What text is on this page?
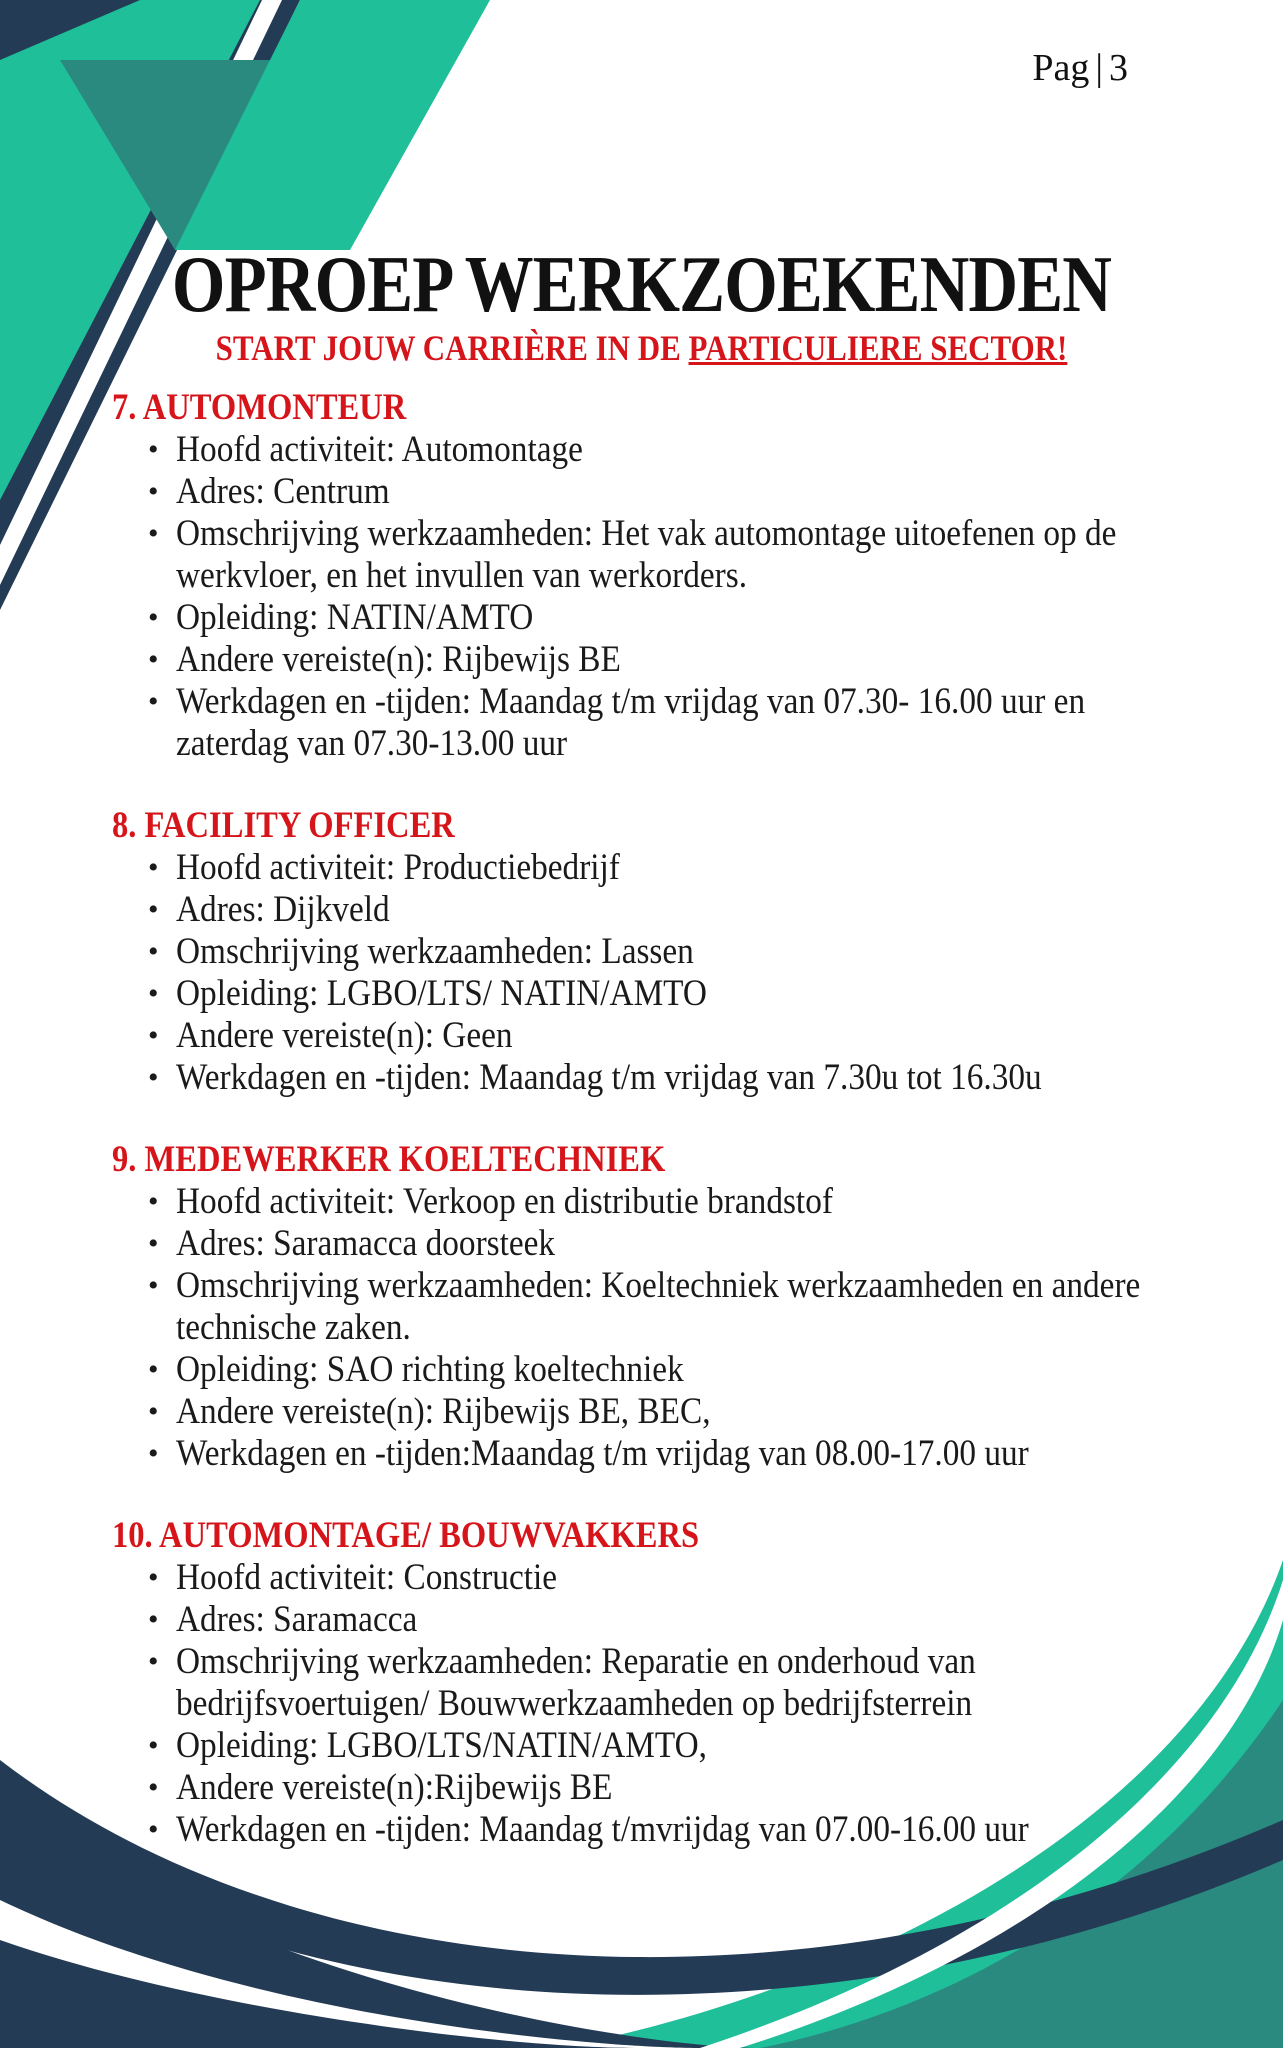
Pag | 3
OPROEP WERKZOEKENDEN
START JOUW CARRIÈRE IN DE PARTICULIERE SECTOR!
7. AUTOMONTEUR
• Hoofd activiteit: Automontage
• Adres: Centrum
• Omschrijving werkzaamheden: Het vak automontage uitoefenen op de
werkvloer, en het invullen van werkorders.
• Opleiding: NATIN/AMTO
• Andere vereiste(n): Rijbewijs BE
• Werkdagen en -tijden: Maandag t/m vrijdag van 07.30- 16.00 uur en
zaterdag van 07.30-13.00 uur
8. FACILITY OFFICER
• Hoofd activiteit: Productiebedrijf
• Adres: Dijkveld
• Omschrijving werkzaamheden: Lassen
• Opleiding: LGBO/LTS/ NATIN/AMTO
• Andere vereiste(n): Geen
• Werkdagen en -tijden: Maandag t/m vrijdag van 7.30u tot 16.30u
9. MEDEWERKER KOELTECHNIEK
• Hoofd activiteit: Verkoop en distributie brandstof
• Adres: Saramacca doorsteek
• Omschrijving werkzaamheden: Koeltechniek werkzaamheden en andere
technische zaken.
• Opleiding: SAO richting koeltechniek
• Andere vereiste(n): Rijbewijs BE, BEC,
• Werkdagen en -tijden:Maandag t/m vrijdag van 08.00-17.00 uur
10. AUTOMONTAGE/ BOUWVAKKERS
• Hoofd activiteit: Constructie
• Adres: Saramacca
• Omschrijving werkzaamheden: Reparatie en onderhoud van
bedrijfsvoertuigen/ Bouwwerkzaamheden op bedrijfsterrein
• Opleiding: LGBO/LTS/NATIN/AMTO,
• Andere vereiste(n):Rijbewijs BE
• Werkdagen en -tijden: Maandag t/mvrijdag van 07.00-16.00 uur
